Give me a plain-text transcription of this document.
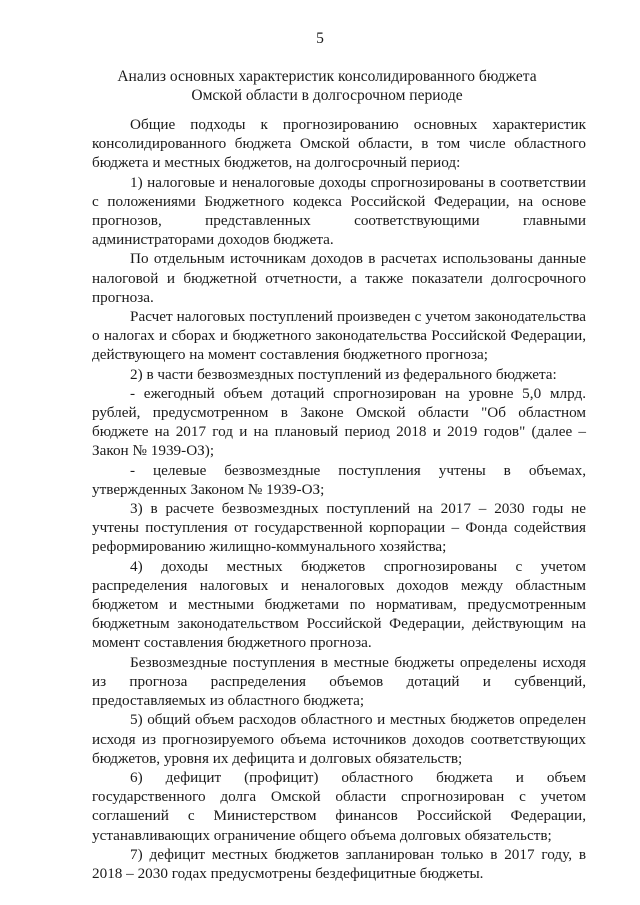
5
Анализ основных характеристик консолидированного бюджета
Омской области в долгосрочном периоде

Общие подходы к прогнозированию основных характеристик консолидированного бюджета Омской области, в том числе областного бюджета и местных бюджетов, на долгосрочный период:

1) налоговые и неналоговые доходы спрогнозированы в соответствии с положениями Бюджетного кодекса Российской Федерации, на основе прогнозов, представленных соответствующими главными администраторами доходов бюджета.

По отдельным источникам доходов в расчетах использованы данные налоговой и бюджетной отчетности, а также показатели долгосрочного прогноза.

Расчет налоговых поступлений произведен с учетом законодательства о налогах и сборах и бюджетного законодательства Российской Федерации, действующего на момент составления бюджетного прогноза;

2) в части безвозмездных поступлений из федерального бюджета:

- ежегодный объем дотаций спрогнозирован на уровне 5,0 млрд. рублей, предусмотренном в Законе Омской области "Об областном бюджете на 2017 год и на плановый период 2018 и 2019 годов" (далее – Закон № 1939-ОЗ);

- целевые безвозмездные поступления учтены в объемах, утвержденных Законом № 1939-ОЗ;

3) в расчете безвозмездных поступлений на 2017 – 2030 годы не учтены поступления от государственной корпорации – Фонда содействия реформированию жилищно-коммунального хозяйства;

4) доходы местных бюджетов спрогнозированы с учетом распределения налоговых и неналоговых доходов между областным бюджетом и местными бюджетами по нормативам, предусмотренным бюджетным законодательством Российской Федерации, действующим на момент составления бюджетного прогноза.

Безвозмездные поступления в местные бюджеты определены исходя из прогноза распределения объемов дотаций и субвенций, предоставляемых из областного бюджета;

5) общий объем расходов областного и местных бюджетов определен исходя из прогнозируемого объема источников доходов соответствующих бюджетов, уровня их дефицита и долговых обязательств;

6) дефицит (профицит) областного бюджета и объем государственного долга Омской области спрогнозирован с учетом соглашений с Министерством финансов Российской Федерации, устанавливающих ограничение общего объема долговых обязательств;

7) дефицит местных бюджетов запланирован только в 2017 году, в 2018 – 2030 годах предусмотрены бездефицитные бюджеты.
